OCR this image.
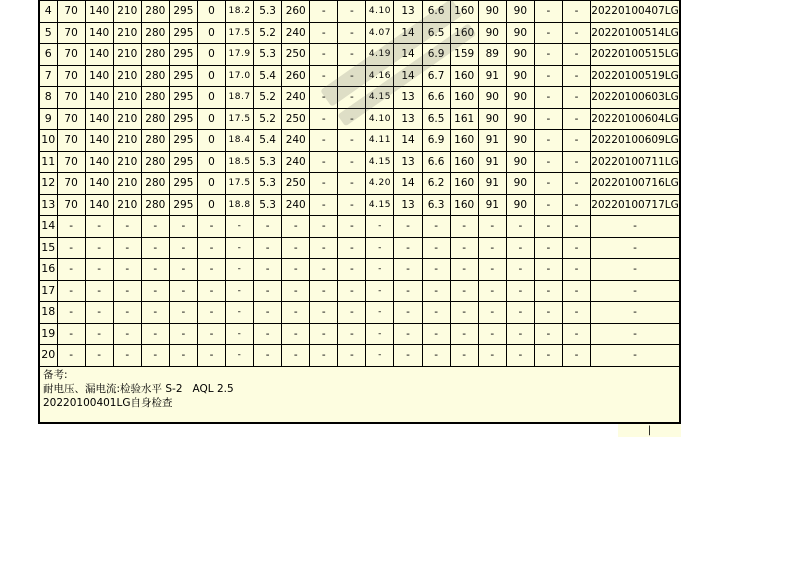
4	70	140	210	280	295	0	18.2	5.3	260	-	-	4.10	13	6.6	160	90	90	-	-	20220100407LG
5	70	140	210	280	295	0	17.5	5.2	240	-	-	4.07	14	6.5	160	90	90	-	-	20220100514LG
6	70	140	210	280	295	0	17.9	5.3	250	-	-	4.19	14	6.9	159	89	90	-	-	20220100515LG
7	70	140	210	280	295	0	17.0	5.4	260	-	-	4.16	14	6.7	160	91	90	-	-	20220100519LG
8	70	140	210	280	295	0	18.7	5.2	240	-	-	4.15	13	6.6	160	90	90	-	-	20220100603LG
9	70	140	210	280	295	0	17.5	5.2	250	-	-	4.10	13	6.5	161	90	90	-	-	20220100604LG
10	70	140	210	280	295	0	18.4	5.4	240	-	-	4.11	14	6.9	160	91	90	-	-	20220100609LG
11	70	140	210	280	295	0	18.5	5.3	240	-	-	4.15	13	6.6	160	91	90	-	-	20220100711LG
12	70	140	210	280	295	0	17.5	5.3	250	-	-	4.20	14	6.2	160	91	90	-	-	20220100716LG
13	70	140	210	280	295	0	18.8	5.3	240	-	-	4.15	13	6.3	160	91	90	-	-	20220100717LG
14	-	-	-	-	-	-	-	-	-	-	-	-	-	-	-	-	-	-	-	-
15	-	-	-	-	-	-	-	-	-	-	-	-	-	-	-	-	-	-	-	-
16	-	-	-	-	-	-	-	-	-	-	-	-	-	-	-	-	-	-	-	-
17	-	-	-	-	-	-	-	-	-	-	-	-	-	-	-	-	-	-	-	-
18	-	-	-	-	-	-	-	-	-	-	-	-	-	-	-	-	-	-	-	-
19	-	-	-	-	-	-	-	-	-	-	-	-	-	-	-	-	-	-	-	-
20	-	-	-	-	-	-	-	-	-	-	-	-	-	-	-	-	-	-	-	-
备考:
耐电压、漏电流:检验水平 S-2   AQL 2.5
20220100401LG自身检查
|
